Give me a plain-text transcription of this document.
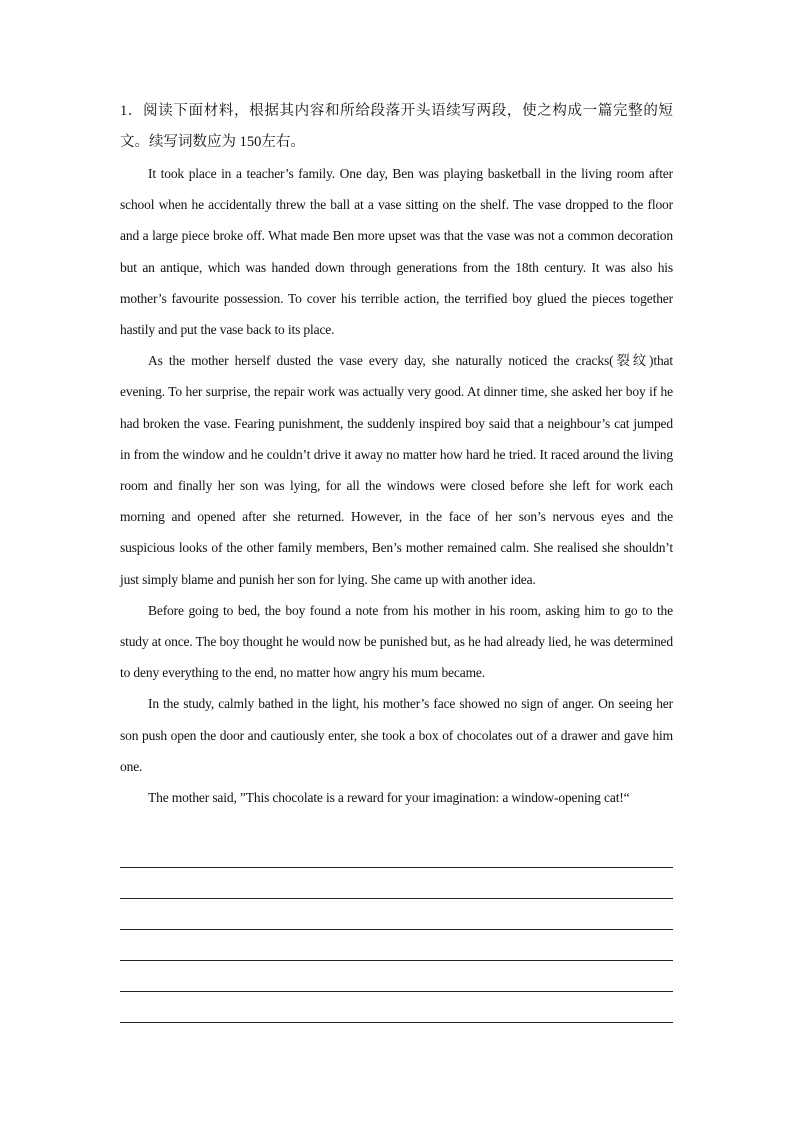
1．阅读下面材料，根据其内容和所给段落开头语续写两段，使之构成一篇完整的短文。续写词数应为 150左右。

It took place in a teacher’s family. One day, Ben was playing basketball in the living room after school when he accidentally threw the ball at a vase sitting on the shelf. The vase dropped to the floor and a large piece broke off. What made Ben more upset was that the vase was not a common decoration but an antique, which was handed down through generations from the 18th century. It was also his mother’s favourite possession. To cover his terrible action, the terrified boy glued the pieces together hastily and put the vase back to its place.

As the mother herself dusted the vase every day, she naturally noticed the cracks(裂纹)that evening. To her surprise, the repair work was actually very good. At dinner time, she asked her boy if he had broken the vase. Fearing punishment, the suddenly inspired boy said that a neighbour’s cat jumped in from the window and he couldn’t drive it away no matter how hard he tried. It raced around the living room and finally her son was lying, for all the windows were closed before she left for work each morning and opened after she returned. However, in the face of her son’s nervous eyes and the suspicious looks of the other family members, Ben’s mother remained calm. She realised she shouldn’t just simply blame and punish her son for lying. She came up with another idea.

Before going to bed, the boy found a note from his mother in his room, asking him to go to the study at once. The boy thought he would now be punished but, as he had already lied, he was determined to deny everything to the end, no matter how angry his mum became.

In the study, calmly bathed in the light, his mother’s face showed no sign of anger. On seeing her son push open the door and cautiously enter, she took a box of chocolates out of a drawer and gave him one.

The mother said, ”This chocolate is a reward for your imagination: a window-opening cat!“
